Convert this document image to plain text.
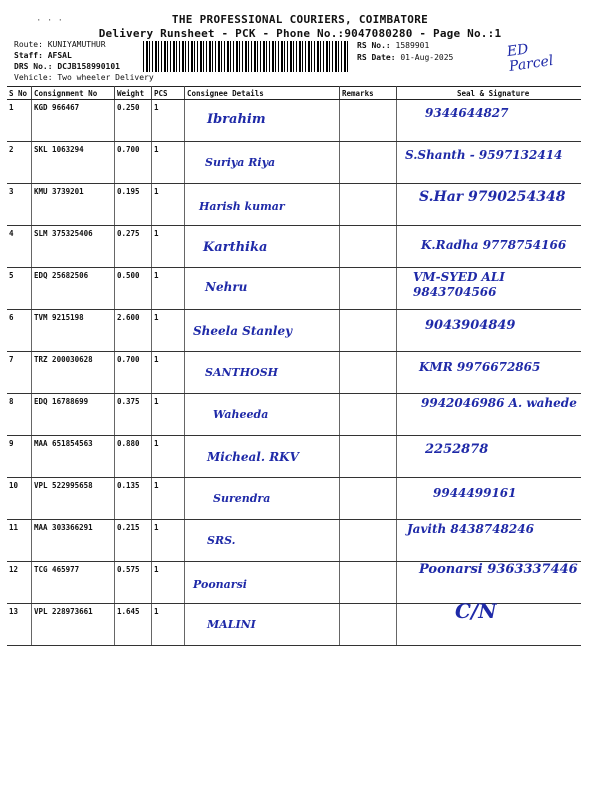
· · ·	THE PROFESSIONAL COURIERS, COIMBATORE
Delivery Runsheet - PCK - Phone No.:9047080280 - Page No.:1
Route: KUNIYAMUTHUR
Staff: AFSAL
DRS No.: DCJB158990101
Vehicle: Two wheeler Delivery
RS No.: 1589901
RS Date: 01-Aug-2025	ED
Parcel
S No	Consignment No	Weight	PCS	Consignee Details	Remarks	Seal & Signature
1	KGD 966467	0.250	1	Ibrahim		9344644827

2	SKL 1063294	0.700	1	Suriya Riya		S.Shanth - 9597132414

3	KMU 3739201	0.195	1	Harish kumar		S.Har 9790254348

4	SLM 375325406	0.275	1	Karthika		K.Radha 9778754166

5	EDQ 25682506	0.500	1	Nehru		VM-SYED ALI 9843704566

6	TVM 9215198	2.600	1	Sheela Stanley		9043904849

7	TRZ 200030628	0.700	1	SANTHOSH		KMR 9976672865

8	EDQ 16788699	0.375	1	Waheeda		9942046986 A. wahede

9	MAA 651854563	0.880	1	Micheal. RKV		2252878

10	VPL 522995658	0.135	1	Surendra		9944499161

11	MAA 303366291	0.215	1	SRS.		Javith 8438748246

12	TCG 465977	0.575	1	Poonarsi		Poonarsi 9363337446

13	VPL 228973661	1.645	1	MALINI		C/N
